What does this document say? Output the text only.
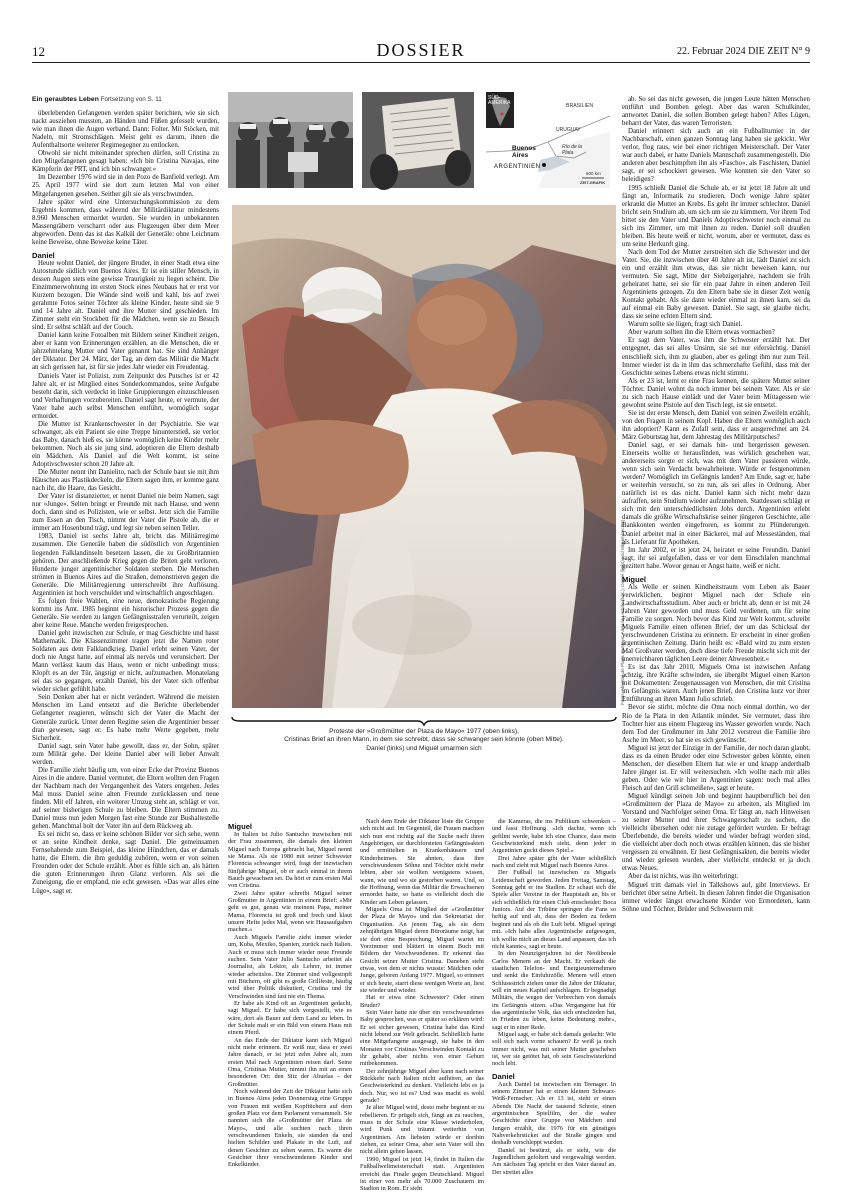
12	DOSSIER	22. Februar 2024 DIE ZEIT N° 9
SÜD-
AMERIKA	BRASILIEN
URUGUAY
Buenos
Aires
ARGENTINIEN
Río de la
Plata
500 km
ZEIT-GRAFIK
Fotos: Abuelas de Plaza de Mayo; Adriana Lestido (bdc.); Daniel (links) und Miguel (rechts)
Proteste der »Großmütter der Plaza de Mayo« 1977 (oben links),
Cristinas Brief an ihren Mann, in dem sie schreibt, dass sie schwanger sein könnte (oben Mitte).
Daniel (links) und Miguel umarmen sich

Ein geraubtes Leben Fortsetzung von S. 11

überlebenden Gefangenen werden später berichten, wie sie sich nackt ausziehen mussten, an Händen und Füßen gefesselt wurden, wie man ihnen die Augen verband. Dann: Folter. Mit Stöcken, mit Nadeln, mit Stromschlägen. Meist geht es darum, ihnen die Aufenthaltsorte weiterer Regimegegner zu entlocken.

Obwohl sie nicht miteinander sprechen dürfen, soll Cristina zu den Mitgefangenen gesagt haben: »Ich bin Cristina Navajas, eine Kämpferin der PRT, und ich bin schwanger.«

Im Dezember 1976 wird sie in den Pozo de Banfield verlegt. Am 25. April 1977 wird sie dort zum letzten Mal von einer Mitgefangenen gesehen. Seither gilt sie als verschwunden.

Jahre später wird eine Untersuchungskommission zu dem Ergebnis kommen, dass während der Militärdiktatur mindestens 8.960 Menschen ermordet wurden. Sie wurden in unbekannten Massengräbern verscharrt oder aus Flugzeugen über dem Meer abgeworfen. Denn das ist das Kalkül der Generäle: ohne Leichnam keine Beweise, ohne Beweise keine Täter.

Daniel

Heute wohnt Daniel, der jüngere Bruder, in einer Stadt etwa eine Autostunde südlich von Buenos Aires. Er ist ein stiller Mensch, in dessen Augen stets eine gewisse Traurigkeit zu liegen scheint. Die Einzimmerwohnung im ersten Stock eines Neubaus hat er erst vor Kurzem bezogen. Die Wände sind weiß und kahl, bis auf zwei gerahmte Fotos seiner Töchter als kleine Kinder, heute sind sie 9 und 14 Jahre alt. Daniel und ihre Mutter sind geschieden. Im Zimmer steht ein Stockbett für die Mädchen, wenn sie zu Besuch sind. Er selbst schläft auf der Couch.

Daniel kann keine Fotoalben mit Bildern seiner Kindheit zeigen, aber er kann von Erinnerungen erzählen, an die Menschen, die er jahrzehntelang Mutter und Vater genannt hat. Sie sind Anhänger der Diktatur. Der 24. März, der Tag, an dem das Militär die Macht an sich gerissen hat, ist für sie jedes Jahr wieder ein Freudentag.

Daniels Vater ist Polizist, zum Zeitpunkt des Putsches ist er 42 Jahre alt, er ist Mitglied eines Sonderkommandos, seine Aufgabe besteht darin, sich verdeckt in linke Gruppierungen einzuschleusen und Verhaftungen vorzubereiten. Daniel sagt heute, er vermute, der Vater habe auch selbst Menschen entführt, womöglich sogar ermordet.

Die Mutter ist Krankenschwester in der Psychiatrie. Sie war schwanger, als ein Patient sie eine Treppe hinunterstieß, sie verlor das Baby, danach hieß es, sie könne womöglich keine Kinder mehr bekommen. Noch als sie jung sind, adoptieren die Eltern deshalb ein Mädchen. Als Daniel auf die Welt kommt, ist seine Adoptivschwester schon 20 Jahre alt.

Die Mutter nennt ihn Danielito, nach der Schule baut sie mit ihm Häuschen aus Plastikdeckeln, die Eltern sagen ihm, er komme ganz nach ihr, die Haare, das Gesicht.

Der Vater ist distanzierter, er nennt Daniel nie beim Namen, sagt nur »Junge«. Selten bringt er Freunde mit nach Hause, und wenn doch, dann sind es Polizisten, wie er selbst. Jetzt sich die Familie zum Essen an den Tisch, nimmt der Vater die Pistole ab, die er immer am Hosenbund trägt, und legt sie neben seinen Teller.

1983, Daniel ist sechs Jahre alt, bricht das Militärregime zusammen. Die Generäle haben die südöstlich von Argentinien liegenden Falklandinseln besetzen lassen, die zu Großbritannien gehören. Der anschließende Krieg gegen die Briten geht verloren, Hunderte junger argentinischer Soldaten sterben. Die Menschen strömen in Buenos Aires auf die Straßen, demonstrieren gegen die Generäle. Die Militärregierung unterschreibt ihre Auflösung. Argentinien ist hoch verschuldet und wirtschaftlich angeschlagen.

Es folgen freie Wahlen, eine neue, demokratische Regierung kommt ins Amt. 1985 beginnt ein historischer Prozess gegen die Generäle. Sie werden zu langen Gefängnisstrafen verurteilt, zeigen aber keine Reue. Manche werden freigesprochen.

Daniel geht inzwischen zur Schule, er mag Geschichte und hasst Mathematik. Die Klassenzimmer tragen jetzt die Namen roter Soldaten aus dem Falklandkrieg. Daniel erlebt seinen Vater, der doch nie Angst hatte, auf einmal als nervös und verunsichert. Der Mann verlässt kaum das Haus, wenn er nicht unbedingt muss. Klopft es an der Tür, ängstigt er nicht, aufzumachen. Monatelang sei das so gegangen, erzählt Daniel, bis der Vater sich offenbar wieder sicher gefühlt habe.

Sein Denken aber hat er nicht verändert. Während die meisten Menschen im Land entsetzt auf die Berichte überlebender Gefangener reagieren, wünscht sich der Vater die Macht der Generäle zurück. Unter deren Regime seien die Argentinier besser dran gewesen, sagt er. Es habe mehr Werte gegeben, mehr Sicherheit.

Daniel sagt, sein Vater habe gewollt, dass er, der Sohn, später zum Militär gehe. Der kleine Daniel aber will lieber Anwalt werden.

Die Familie zieht häufig um, von einer Ecke der Provinz Buenos Aires in die andere. Daniel vermutet, die Eltern wollten den Fragen der Nachbarn nach der Vergangenheit des Vaters entgehen. Jedes Mal muss Daniel seine alten Freunde zurücklassen und neue finden. Mit elf Jahren, ein weiterer Umzug steht an, schlägt er vor, auf seiner bisherigen Schule zu bleiben. Die Eltern stimmen zu. Daniel muss nun jeden Morgen fast eine Stunde zur Bushaltestelle gehen. Manchmal holt der Vater ihn auf dem Rückweg ab.

Es sei nicht so, dass er keine schönen Bilder vor sich sehe, wenn er an seine Kindheit denke, sagt Daniel. Die gemeinsamen Fernsehabende zum Beispiel, das kleine Hündchen, das er damals hatte, die Eltern, die ihm geduldig zuhören, wenn er von seinen Freunden oder der Schule erzählt. Aber es fühle sich an, als hätten die guten Erinnerungen ihren Glanz verloren. Als sei die Zuneigung, die er empfand, nie echt gewesen. »Das war alles eine Lüge«, sagt er.

Miguel

In Italien ist Julio Santucho inzwischen mit der Frau zusammen, die damals den kleinen Miguel nach Europa gebracht hat, Miguel nennt sie Mama. Als sie 1980 mit seiner Schwester Florencia schwanger wird, fragt der inzwischen fünfjährige Miguel, ob er auch einmal in ihrem Bauch gewachsen sei. Da hört er zum ersten Mal von Cristina.

Zwei Jahre später schreibt Miguel seiner Großmutter in Argentinien in einem Brief: »Mir geht es gut, genau wie meinem Papa, meiner Mama, Florencia ist groß und frech und klaut unsere Hefte jedes Mal, wenn wir Hausaufgaben machen.«

Auch Miguels Familie zieht immer wieder um, Kuba, Mexiko, Spanien, zurück nach Italien. Auch er muss sich immer wieder neue Freunde suchen. Sein Vater Julio Santucho arbeitet als Journalist, als Lektor, als Lehrer, ist immer wieder arbeitslos. Die Zimmer sind vollgestopft mit Büchern, oft gibt es große Grillfeste, häufig wird über Politik diskutiert, Cristina und ihr Verschwinden sind fast nie ein Thema.

Er habe als Kind oft an Argentinien gedacht, sagt Miguel. Er habe sich vorgestellt, wie es wäre, dort als Bauer auf dem Land zu leben. In der Schule malt er ein Bild von einem Haus mit einem Pferd.

An das Ende der Diktatur kann sich Miguel nicht mehr erinnern. Er weiß nur, dass er zwei Jahre danach, er ist jetzt zehn Jahre alt, zum ersten Mal nach Argentinien reisen darf. Seine Oma, Cristinas Mutter, nimmt ihn mit an einen besonderen Ort: den Sitz der Abuelas – der Großmütter.

Noch während der Zeit der Diktatur hatte sich in Buenos Aires jeden Donnerstag eine Gruppe von Frauen mit weißen Kopftüchern auf dem großen Platz vor dem Parlament versammelt. Sie nannten sich die »Großmütter der Plaza de Mayo«, und alle suchten nach ihren verschwundenen Enkeln, sie standen da und hielten Schilder und Plakate in die Luft, auf denen Gesichter zu sehen waren. Es waren die Gesichter ihrer verschwundenen Kinder und Enkelkinder.

Nach dem Ende der Diktatur löste die Gruppe sich nicht auf. Im Gegenteil, die Frauen machten sich nun erst richtig auf die Suche nach ihren Angehörigen, sie durchforsteten Gefängnisakten und ermittelten in Krankenhäusern und Kinderheimen. Sie ahnten, dass ihre verschwundenen Söhne und Töchter nicht mehr lebten, aber sie wollten wenigstens wissen, wann, wie und wo sie gestorben waren. Und, so die Hoffnung, wenn das Militär die Erwachsenen ermordet hatte, so hatte es vielleicht doch die Kinder am Leben gelassen.

Miguels Oma ist Mitglied der »Großmütter der Plaza de Mayo« und das Sekretariat der Organisation. An jenem Tag, als sie dem zehnjährigen Miguel deren Büroräume zeigt, hat sie dort eine Besprechung, Miguel wartet im Vorzimmer und blättert in einem Buch mit Bildern der Verschwundenen. Er erkennt das Gesicht seiner Mutter Cristina. Daneben steht etwas, von dem er nichts wusste: Mädchen oder Junge, geboren Anfang 1977. Miguel, so erinnert er sich heute, starrt diese wenigen Worte an, liest sie wieder und wieder.

Hat er etwa eine Schwester? Oder einen Bruder?

Sein Vater hatte nie über ein verschwundenes Baby gesprochen, was er später so erklären wird: Er sei sicher gewesen, Cristina habe das Kind nicht lebend zur Welt gebracht. Schließlich hatte eine Mitgefangene ausgesagt, sie habe in den Monaten vor Cristinas Verschwinden Kontakt zu ihr gehabt, aber nichts von einer Geburt mitbekommen.

Der zehnjährige Miguel aber kann nach seiner Rückkehr nach Italien nicht aufhören, an das Geschwisterkind zu denken. Vielleicht lebt es ja doch. Nur, wo ist es? Und was macht es wohl gerade?

Je älter Miguel wird, desto mehr beginnt er zu rebellieren. Er prügelt sich, fängt an zu rauchen, muss in der Schule eine Klasse wiederholen, wird Punk und träumt weiterhin von Argentinien. Am liebsten würde er dorthin ziehen, zu seiner Oma, aber sein Vater will ihn nicht allein gehen lassen.

1990, Miguel ist jetzt 14, findet in Italien die Fußballweltmeisterschaft statt. Argentinien erreicht das Finale gegen Deutschland. Miguel ist einer von mehr als 70.000 Zuschauern im Stadion in Rom. Er sieht

ab. So sei das nicht gewesen, die jungen Leute hätten Menschen entführt und Bomben gelegt. Aber das waren Schulkinder, antwortet Daniel, die sollen Bomben gelegt haben? Alles Lügen, beharrt der Vater, das waren Terroristen.

Daniel erinnert sich auch an ein Fußballturnier in der Nachbarschaft, einen ganzen Sonntag lang haben sie gekickt. Wer verlor, flog raus, wie bei einer richtigen Meisterschaft. Der Vater war auch dabei, er hatte Daniels Mannschaft zusammengestellt. Die anderen aber beschimpften ihn als »Fascho«, als Faschisten, Daniel sagt, er sei schockiert gewesen. Wie konnten sie den Vater so beleidigen?

1995 schließt Daniel die Schule ab, er ist jetzt 18 Jahre alt und fängt an, Informatik zu studieren. Doch wenige Jahre später erkrankt die Mutter an Krebs. Es geht ihr immer schlechter. Daniel bricht sein Studium ab, um sich um sie zu kümmern. Vor ihrem Tod bittet sie den Vater und Daniels Adoptivschwester noch einmal zu sich ins Zimmer, um mit ihnen zu reden. Daniel soll draußen bleiben. Bis heute weiß er nicht, worum, aber er vermutet, dass es um seine Herkunft ging.

Nach dem Tod der Mutter zerstreiten sich die Schwester und der Vater. Sie, die inzwischen über 40 Jahre alt ist, lädt Daniel zu sich ein und erzählt ihm etwas, das sie nicht beweisen kann, nur vermuten. Sie sagt, Mitte der Siebzigerjahre, nachdem sie früh geheiratet hatte, sei sie für ein paar Jahre in einen anderen Teil Argentiniens gezogen. Zu den Eltern habe sie in dieser Zeit wenig Kontakt gehabt. Als sie dann wieder einmal zu ihnen kam, sei da auf einmal ein Baby gewesen. Daniel. Sie sagt, sie glaube nicht, dass sie seine echten Eltern sind.

Warum sollte sie lügen, fragt sich Daniel.

Aber warum sollten ihn die Eltern etwas vormachen?

Er sagt dem Vater, was ihm die Schwester erzählt hat. Der entgegnet, das sei alles Unsinn, sie sei nur eifersüchtig. Daniel entschließt sich, ihm zu glauben, aber es gelingt ihm nur zum Teil. Immer wieder ist da in ihm das schmerzhafte Gefühl, dass mit der Geschichte seines Lebens etwas nicht stimmt.

Als er 23 ist, lernt er eine Frau kennen, die spätere Mutter seiner Töchter. Daniel wohnt da noch immer bei seinem Vater. Als er sie zu sich nach Hause einlädt und der Vater beim Mittagessen wie gewohnt seine Pistole auf den Tisch legt, ist sie entsetzt.

Sie ist der erste Mensch, dem Daniel von seinen Zweifeln erzählt, von den Fragen in seinem Kopf. Haben die Eltern womöglich auch ihn adoptiert? Kann es Zufall sein, dass er ausgerechnet am 24. März Geburtstag hat, dem Jahrestag des Militärputsches?

Daniel sagt, er sei damals hin- und hergerissen gewesen. Einerseits wollte er herausfinden, was wirklich geschehen war, andererseits sorgte er sich, was mit dem Vater passieren würde, wenn sich sein Verdacht bewahrheitete. Würde er festgenommen werden? Womöglich im Gefängnis landen? Am Ende, sagt er, habe er weiterhin versucht, so zu tun, als sei alles in Ordnung. Aber natürlich ist es das nicht. Daniel kann sich nicht mehr dazu aufraffen, sein Studium wieder aufzunehmen. Stattdessen schlägt er sich mit den unterschiedlichsten Jobs durch. Argentinien erlebt damals die größte Wirtschaftskrise seiner jüngeren Geschichte, alle Bankkonten werden eingefroren, es kommt zu Plünderungen. Daniel arbeitet mal in einer Bäckerei, mal auf Messeständen, mal als Lieferant für Apotheken.

Im Jahr 2002, er ist jetzt 24, heiratet er seine Freundin. Daniel sagt, ihr sei aufgefallen, dass er vor dem Einschlafen manchmal gezittert habe. Wovor genau er Angst hatte, weiß er nicht.

Miguel

Als Welle er seinen Kindheitstraum vom Leben als Bauer verwirklichen, beginnt Miguel nach der Schule ein Landwirtschaftsstudium. Aber auch er bricht ab, denn er ist mit 24 Jahren Vater geworden und muss Geld verdienen, um für seine Familie zu sorgen. Noch bevor das Kind zur Welt kommt, schreibt Miguels Familie einen offenen Brief, der um das Schicksal der verschwundenen Cristina zu erinnern. Er erscheint in einer großen argentinischen Zeitung. Darin heißt es: »Bald wird zu zum ersten Mal Großvater werden, doch diese tiefe Freude mischt sich mit der unerreichbaren täglichen Leere deiner Abwesenheit.«

Es ist das Jahr 2010, Miguels Oma ist inzwischen Anfang achtzig, ihre Kräfte schwinden, sie übergibt Miguel einen Karton mit Dokumenten: Zeugenaussagen von Menschen, die mit Cristina im Gefängnis waren. Auch jenen Brief, den Cristina kurz vor ihrer Entführung an ihren Mann Julio schrieb.

Bevor sie stirbt, möchte die Oma noch einmal dorthin, wo der Río de la Plata in den Atlantik mündet. Sie vermutet, dass ihre Tochter hier aus einem Flugzeug ins Wasser geworfen wurde. Nach dem Tod der Großmutter im Jahr 2012 verstreut die Familie ihre Asche im Meer, so hat sie es sich gewünscht.

Miguel ist jetzt der Einzige in der Familie, der noch daran glaubt, dass es da einen Bruder oder eine Schwester geben könnte, einen Menschen, der dieselben Eltern hat wie er und knapp anderthalb Jahre jünger ist. Er will weitersuchen. »Ich wollte nach mir alles geben. Oder wie wir hier in Argentinien sagen: noch mal alles Fleisch auf den Grill schmeißen«, sagt er heute.

Miguel kündigt seinen Job und beginnt hauptberuflich bei den »Großmüttern der Plaza de Mayo« zu arbeiten, als Mitglied im Vorstand und Nachfolger seiner Oma. Er fängt an, nach Hinweisen zu seiner Mutter und ihrer Schwangerschaft zu suchen, die vielleicht übersehen oder nie zutage gefördert wurden. Er befragt Überlebende, die bereits wieder und wieder befragt worden sind, die vielleicht aber doch noch etwas erzählen können, das sie bisher vergessen zu erwähnen. Er liest Gefängnisakten, die bereits wieder und wieder gelesen wurden, aber vielleicht entdeckt er ja doch etwas Neues.

Aber da ist nichts, was ihn weiterbringt.

Miguel tritt damals viel in Talkshows auf, gibt Interviews. Er berichtet über seine Arbeit. In diesen Jahren findet die Organisation immer wieder längst erwachsene Kinder von Ermordeten, kann Söhne und Töchter, Brüder und Schwestern mit

die Kameras, die ins Publikum schwenken – und fasst Hoffnung. »Ich dachte, wenn ich gefilmt werde, habe ich eine Chance, dass mein Geschwisterkind mich sieht, denn jeder in Argentinien guckt dieses Spiel.«

Drei Jahre später gibt der Vater schließlich nach und zieht mit Miguel nach Buenos Aires.

Der Fußball ist inzwischen zu Miguels Leidenschaft geworden. Jeden Freitag, Samstag, Sonntag geht er ins Stadion. Er schaut sich die Spiele aller Vereine in der Hauptstadt an, bis er sich schließlich für einen Club entscheidet: Boca Juniors. Auf der Tribüne springen die Fans so heftig auf und ab, dass der Boden zu federn beginnt und als ob die Luft bebt. Miguel springt mit. »Ich habe alles Argentinische aufgesogen, ich wollte mich an dieses Land anpassen, das ich nicht kannte«, sagt er heute.

In den Neunzigerjahren ist der Neoliberale Carlos Menem an der Macht. Er verkauft die staatlichen Telefon- und Energieunternehmen und senkt die Einfuhrzölle. Menem will einen Schlussstrich ziehen unter die Jahre der Diktatur, will ein neues Kapitel aufschlagen. Er begnadigt Militärs, die wegen der Verbrechen von damals im Gefängnis sitzen. »Das Vergangene hat für das argentinische Volk, das sich entschieden hat, in Frieden zu leben, keine Bedeutung mehr«, sagt er in einer Rede.

Miguel sagt, er habe sich damals gedacht: Wie soll sich nach vorne schauen? Er weiß ja noch immer nicht, was mit seiner Mutter geschehen ist, wer sie getötet hat, ob sein Geschwisterkind noch lebt.

Daniel

Auch Daniel ist inzwischen ein Teenager. In seinem Zimmer hat er einen kleinen Schwarz-Weiß-Fernseher. Als er 13 ist, sieht er einen Abends Die Nacht der tausend Schreie, einen argentinischen Spielfilm, der die wahre Geschichte einer Gruppe von Mädchen und Jungen erzählt, die 1976 für ein günstiges Nahverkehrsticket auf die Straße gingen und deshalb verschleppt wurden.

Daniel ist bestürzt, als er sieht, wie die Jugendlichen gefoltert und vergewaltigt werden. Am nächsten Tag spricht er den Vater darauf an. Der streitet alles
